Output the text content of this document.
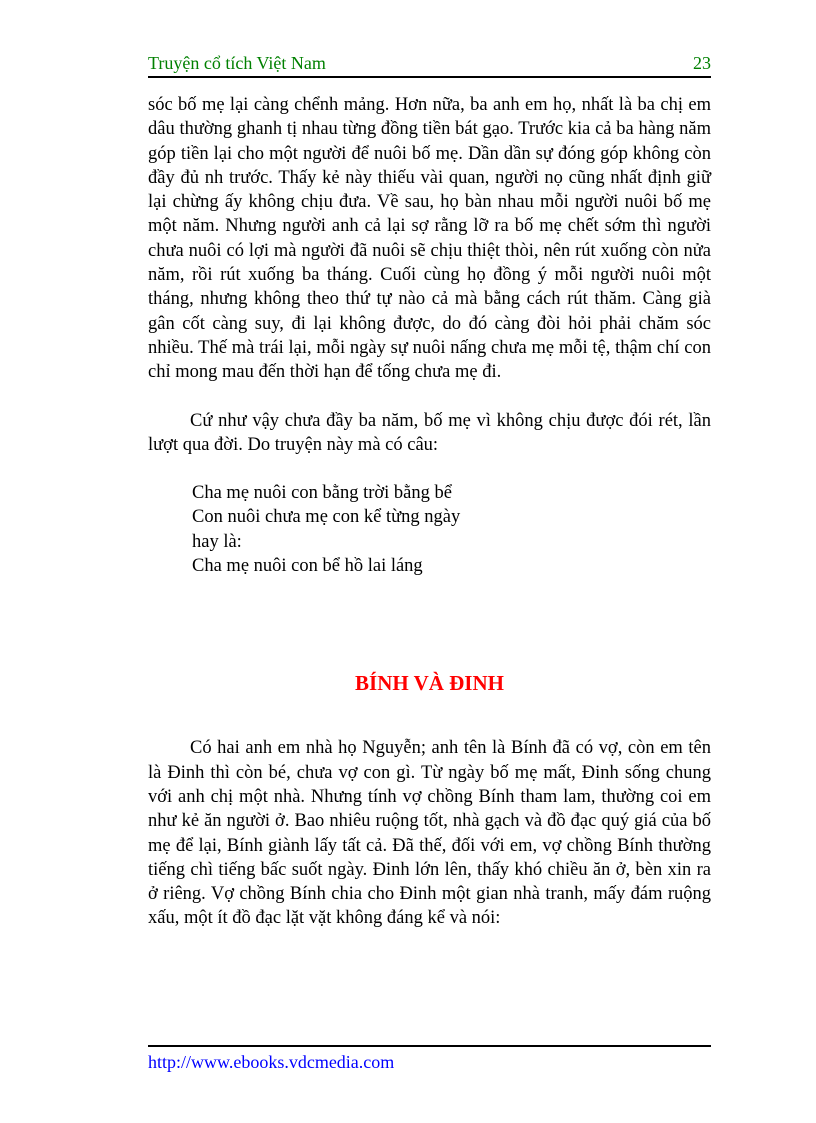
Truyện cổ tích Việt Nam	23

sóc bố mẹ lại càng chểnh mảng. Hơn nữa, ba anh em họ, nhất là ba chị em dâu thường ghanh tị nhau từng đồng tiền bát gạo. Trước kia cả ba hàng năm góp tiền lại cho một người để nuôi bố mẹ. Dần dần sự đóng góp không còn đầy đủ nh trước. Thấy kẻ này thiếu vài quan, người nọ cũng nhất định giữ lại chừng ấy không chịu đưa. Về sau, họ bàn nhau mỗi người nuôi bố mẹ một năm. Nhưng người anh cả lại sợ rằng lỡ ra bố mẹ chết sớm thì người chưa nuôi có lợi mà người đã nuôi sẽ chịu thiệt thòi, nên rút xuống còn nửa năm, rồi rút xuống ba tháng. Cuối cùng họ đồng ý mỗi người nuôi một tháng, nhưng không theo thứ tự nào cả mà bằng cách rút thăm. Càng già gân cốt càng suy, đi lại không được, do đó càng đòi hỏi phải chăm sóc nhiều. Thế mà trái lại, mỗi ngày sự nuôi nấng chưa mẹ mỗi tệ, thậm chí con chỉ mong mau đến thời hạn để tống chưa mẹ đi.

Cứ như vậy chưa đầy ba năm, bố mẹ vì không chịu được đói rét, lần lượt qua đời. Do truyện này mà có câu:

Cha mẹ nuôi con bằng trời bằng bể
Con nuôi chưa mẹ con kể từng ngày
hay là:
Cha mẹ nuôi con bể hồ lai láng
BÍNH VÀ ĐINH

Có hai anh em nhà họ Nguyễn; anh tên là Bính đã có vợ, còn em tên là Đinh thì còn bé, chưa vợ con gì. Từ ngày bố mẹ mất, Đinh sống chung với anh chị một nhà. Nhưng tính vợ chồng Bính tham lam, thường coi em như kẻ ăn người ở. Bao nhiêu ruộng tốt, nhà gạch và đồ đạc quý giá của bố mẹ để lại, Bính giành lấy tất cả. Đã thế, đối với em, vợ chồng Bính thường tiếng chì tiếng bấc suốt ngày. Đinh lớn lên, thấy khó chiều ăn ở, bèn xin ra ở riêng. Vợ chồng Bính chia cho Đinh một gian nhà tranh, mấy đám ruộng xấu, một ít đồ đạc lặt vặt không đáng kể và nói:

http://www.ebooks.vdcmedia.com
